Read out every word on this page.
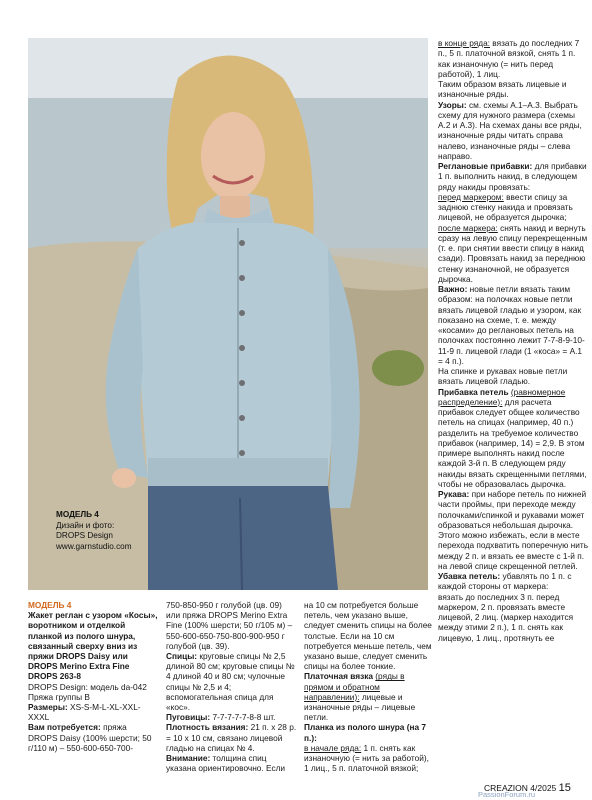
МОДЕЛЬ 4
Дизайн и фото:
DROPS Design
www.garnstudio.com

в конце ряда: вязать до последних 7 п., 5 п. платочной вязкой, снять 1 п. как изнаночную (= нить перед работой), 1 лиц.

Таким образом вязать лицевые и изнаночные ряды.

Узоры: см. схемы А.1–А.3. Выбрать схему для нужного размера (схемы А.2 и А.3). На схемах даны все ряды, изнаночные ряды читать справа налево, изнаночные ряды – слева направо.

Реглановые прибавки: для прибавки 1 п. выполнить накид, в следующем ряду накиды провязать:

перед маркером: ввести спицу за заднюю стенку накида и провязать лицевой, не образуется дырочка;

после маркера: снять накид и вернуть сразу на левую спицу перекрещенным (т. е. при снятии ввести спицу в накид сзади). Провязать накид за переднюю стенку изнаночной, не образуется дырочка.

Важно: новые петли вязать таким образом: на полочках новые петли вязать лицевой гладью и узором, как показано на схеме, т. е. между «косами» до реглановых петель на полочках постоянно лежит 7-7-8-9-10-11-9 п. лицевой глади (1 «коса» = А.1 = 4 п.).

На спинке и рукавах новые петли вязать лицевой гладью.

Прибавка петель (равномерное распределение): для расчета прибавок следует общее количество петель на спицах (например, 40 п.) разделить на требуемое количество прибавок (например, 14) = 2,9. В этом примере выполнять накид после каждой 3-й п. В следующем ряду накиды вязать скрещенными петлями, чтобы не образовалась дырочка.

Рукава: при наборе петель по нижней части проймы, при переходе между полочками/спинкой и рукавами может образоваться небольшая дырочка. Этого можно избежать, если в месте перехода подхватить поперечную нить между 2 п. и вязать ее вместе с 1-й п. на левой спице скрещенной петлей.

Убавка петель: убавлять по 1 п. с каждой стороны от маркера:

вязать до последних 3 п. перед маркером, 2 п. провязать вместе лицевой, 2 лиц. (маркер находится между этими 2 п.), 1 п. снять как лицевую, 1 лиц., протянуть ее

МОДЕЛЬ 4

Жакет реглан с узором «Косы», воротником и отделкой планкой из полого шнура, связанный сверху вниз из пряжи DROPS Daisy или DROPS Merino Extra Fine

DROPS 263-8

DROPS Design: модель da-042

Пряжа группы B

Размеры: XS-S-M-L-XL-XXL-XXXL

Вам потребуется: пряжа DROPS Daisy (100% шерсти; 50 г/110 м) – 550-600-650-700-

750-850-950 г голубой (цв. 09) или пряжа DROPS Merino Extra Fine (100% шерсти; 50 г/105 м) – 550-600-650-750-800-900-950 г голубой (цв. 39).

Спицы: круговые спицы № 2,5 длиной 80 см; круговые спицы № 4 длиной 40 и 80 см; чулочные спицы № 2,5 и 4; вспомогательная спица для «кос».

Пуговицы: 7-7-7-7-7-8-8 шт.

Плотность вязания: 21 п. x 28 р. = 10 x 10 см, связано лицевой гладью на спицах № 4.

Внимание: толщина спиц указана ориентировочно. Если

на 10 см потребуется больше петель, чем указано выше, следует сменить спицы на более толстые. Если на 10 см потребуется меньше петель, чем указано выше, следует сменить спицы на более тонкие.

Платочная вязка (ряды в прямом и обратном направлении): лицевые и изнаночные ряды – лицевые петли.

Планка из полого шнура (на 7 п.):

в начале ряда: 1 п. снять как изнаночную (= нить за работой), 1 лиц., 5 п. платочной вязкой;

CREAZION 4/2025 15
PassionForum.ru
